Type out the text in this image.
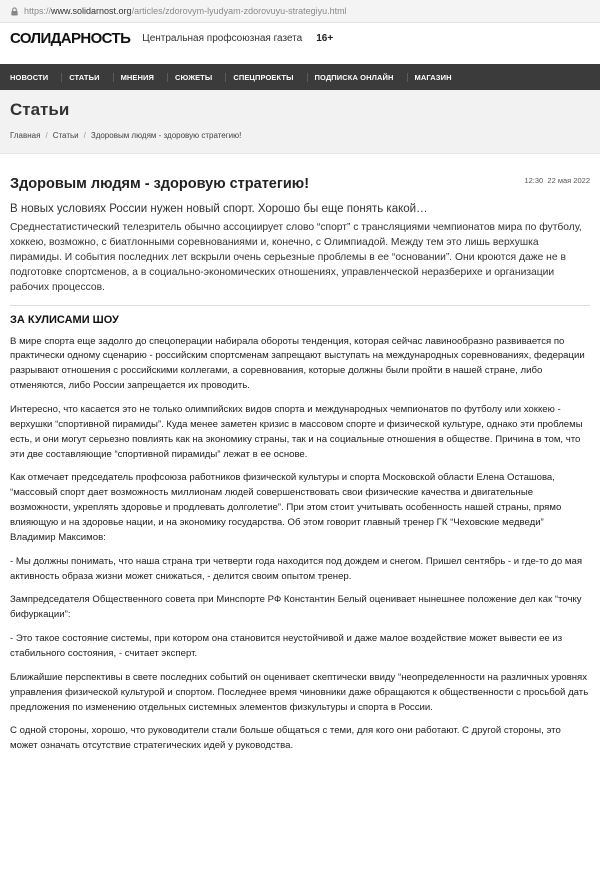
https:// www.solidarnost.org /articles/zdorovym-lyudyam-zdorovuyu-strategiyu.html
СОЛИДАРНОСТЬ Центральная профсоюзная газета 16+
НОВОСТИ	СТАТЬИ	МНЕНИЯ	СЮЖЕТЫ	СПЕЦПРОЕКТЫ	ПОДПИСКА ОНЛАЙН	МАГАЗИН
Статьи
Главная / Статьи / Здоровым людям - здоровую стратегию!
Здоровым людям - здоровую стратегию!	12:30 22 мая 2022
В новых условиях России нужен новый спорт. Хорошо бы еще понять какой…
Среднестатистический телезритель обычно ассоциирует слово “спорт” с трансляциями чемпионатов мира по футболу, хоккею, возможно, с биатлонными соревнованиями и, конечно, с Олимпиадой. Между тем это лишь верхушка пирамиды. И события последних лет вскрыли очень серьезные проблемы в ее “основании”. Они кроются даже не в подготовке спортсменов, а в социально-экономических отношениях, управленческой неразберихе и организации рабочих процессов.
ЗА КУЛИСАМИ ШОУ

В мире спорта еще задолго до спецоперации набирала обороты тенденция, которая сейчас лавинообразно развивается по практически одному сценарию - российским спортсменам запрещают выступать на международных соревнованиях, федерации разрывают отношения с российскими коллегами, а соревнования, которые должны были пройти в нашей стране, либо отменяются, либо России запрещается их проводить.

Интересно, что касается это не только олимпийских видов спорта и международных чемпионатов по футболу или хоккею - верхушки “спортивной пирамиды”. Куда менее заметен кризис в массовом спорте и физической культуре, однако эти проблемы есть, и они могут серьезно повлиять как на экономику страны, так и на социальные отношения в обществе. Причина в том, что эти две составляющие “спортивной пирамиды” лежат в ее основе.

Как отмечает председатель профсоюза работников физической культуры и спорта Московской области Елена Осташова, “массовый спорт дает возможность миллионам людей совершенствовать свои физические качества и двигательные возможности, укреплять здоровье и продлевать долголетие”. При этом стоит учитывать особенность нашей страны, прямо влияющую и на здоровье нации, и на экономику государства. Об этом говорит главный тренер ГК “Чеховские медведи” Владимир Максимов:

- Мы должны понимать, что наша страна три четверти года находится под дождем и снегом. Пришел сентябрь - и где-то до мая активность образа жизни может снижаться, - делится своим опытом тренер.

Зампредседателя Общественного совета при Минспорте РФ Константин Белый оценивает нынешнее положение дел как “точку бифуркации”:

- Это такое состояние системы, при котором она становится неустойчивой и даже малое воздействие может вывести ее из стабильного состояния, - считает эксперт.

Ближайшие перспективы в свете последних событий он оценивает скептически ввиду “неопределенности на различных уровнях управления физической культурой и спортом. Последнее время чиновники даже обращаются к общественности с просьбой дать предложения по изменению отдельных системных элементов физкультуры и спорта в России.

С одной стороны, хорошо, что руководители стали больше общаться с теми, для кого они работают. С другой стороны, это может означать отсутствие стратегических идей у руководства.
